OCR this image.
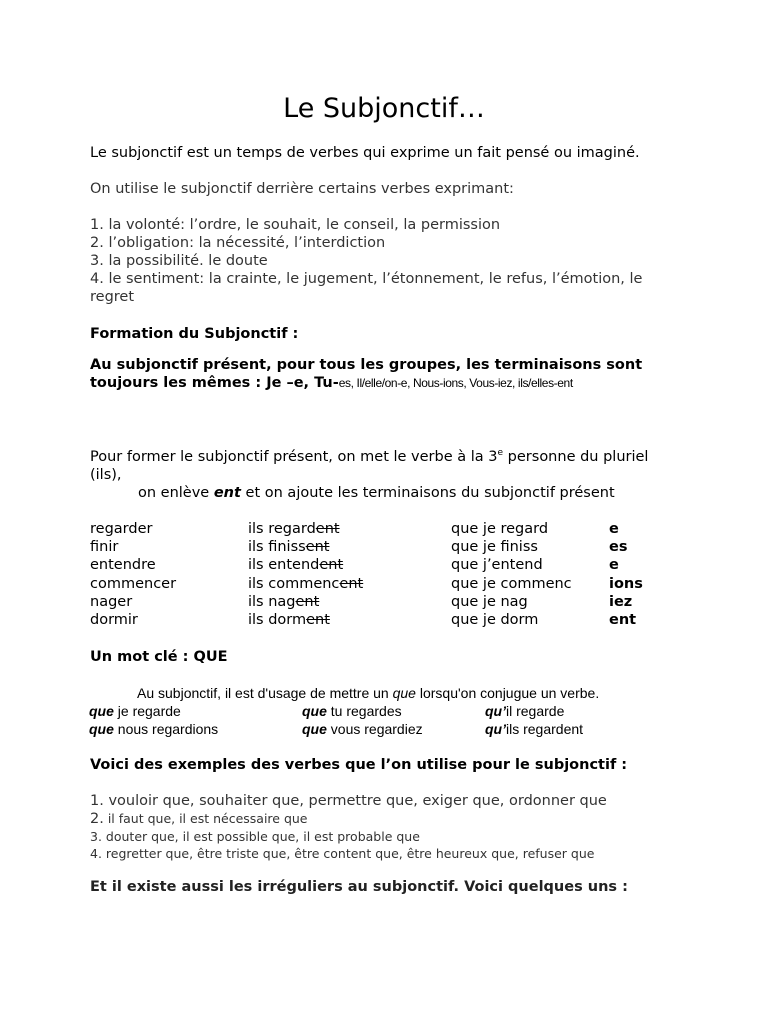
Le Subjonctif…
Le subjonctif est un temps de verbes qui exprime un fait pensé ou imaginé.
On utilise le subjonctif derrière certains verbes exprimant:
1. la volonté: l’ordre, le souhait, le conseil, la permission
2. l’obligation: la nécessité, l’interdiction
3. la possibilité. le doute
4. le sentiment: la crainte, le jugement, l’étonnement, le refus, l’émotion, le
regret
Formation du Subjonctif :
Au subjonctif présent, pour tous les groupes, les terminaisons sont
toujours les mêmes : Je –e, Tu-es, Il/elle/on-e, Nous-ions, Vous-iez, ils/elles-ent
Pour former le subjonctif présent, on met le verbe à la 3e personne du pluriel
(ils),
on enlève ent et on ajoute les terminaisons du subjonctif présent
regarder	ils regardent	que je regard	e
finir	ils finissent	que je finiss	es
entendre	ils entendent	que j’entend	e
commencer	ils commencent	que je commenc	ions
nager	ils nagent	que je nag	iez
dormir	ils dorment	que je dorm	ent
Un mot clé : QUE
Au subjonctif, il est d'usage de mettre un que lorsqu'on conjugue un verbe.
que je regarde	que tu regardes	qu’il regarde
que nous regardions	que vous regardiez	qu’ils regardent
Voici des exemples des verbes que l’on utilise pour le subjonctif :
1. vouloir que, souhaiter que, permettre que, exiger que, ordonner que
2. il faut que, il est nécessaire que
3. douter que, il est possible que, il est probable que
4. regretter que, être triste que, être content que, être heureux que, refuser que
Et il existe aussi les irréguliers au subjonctif. Voici quelques uns :
